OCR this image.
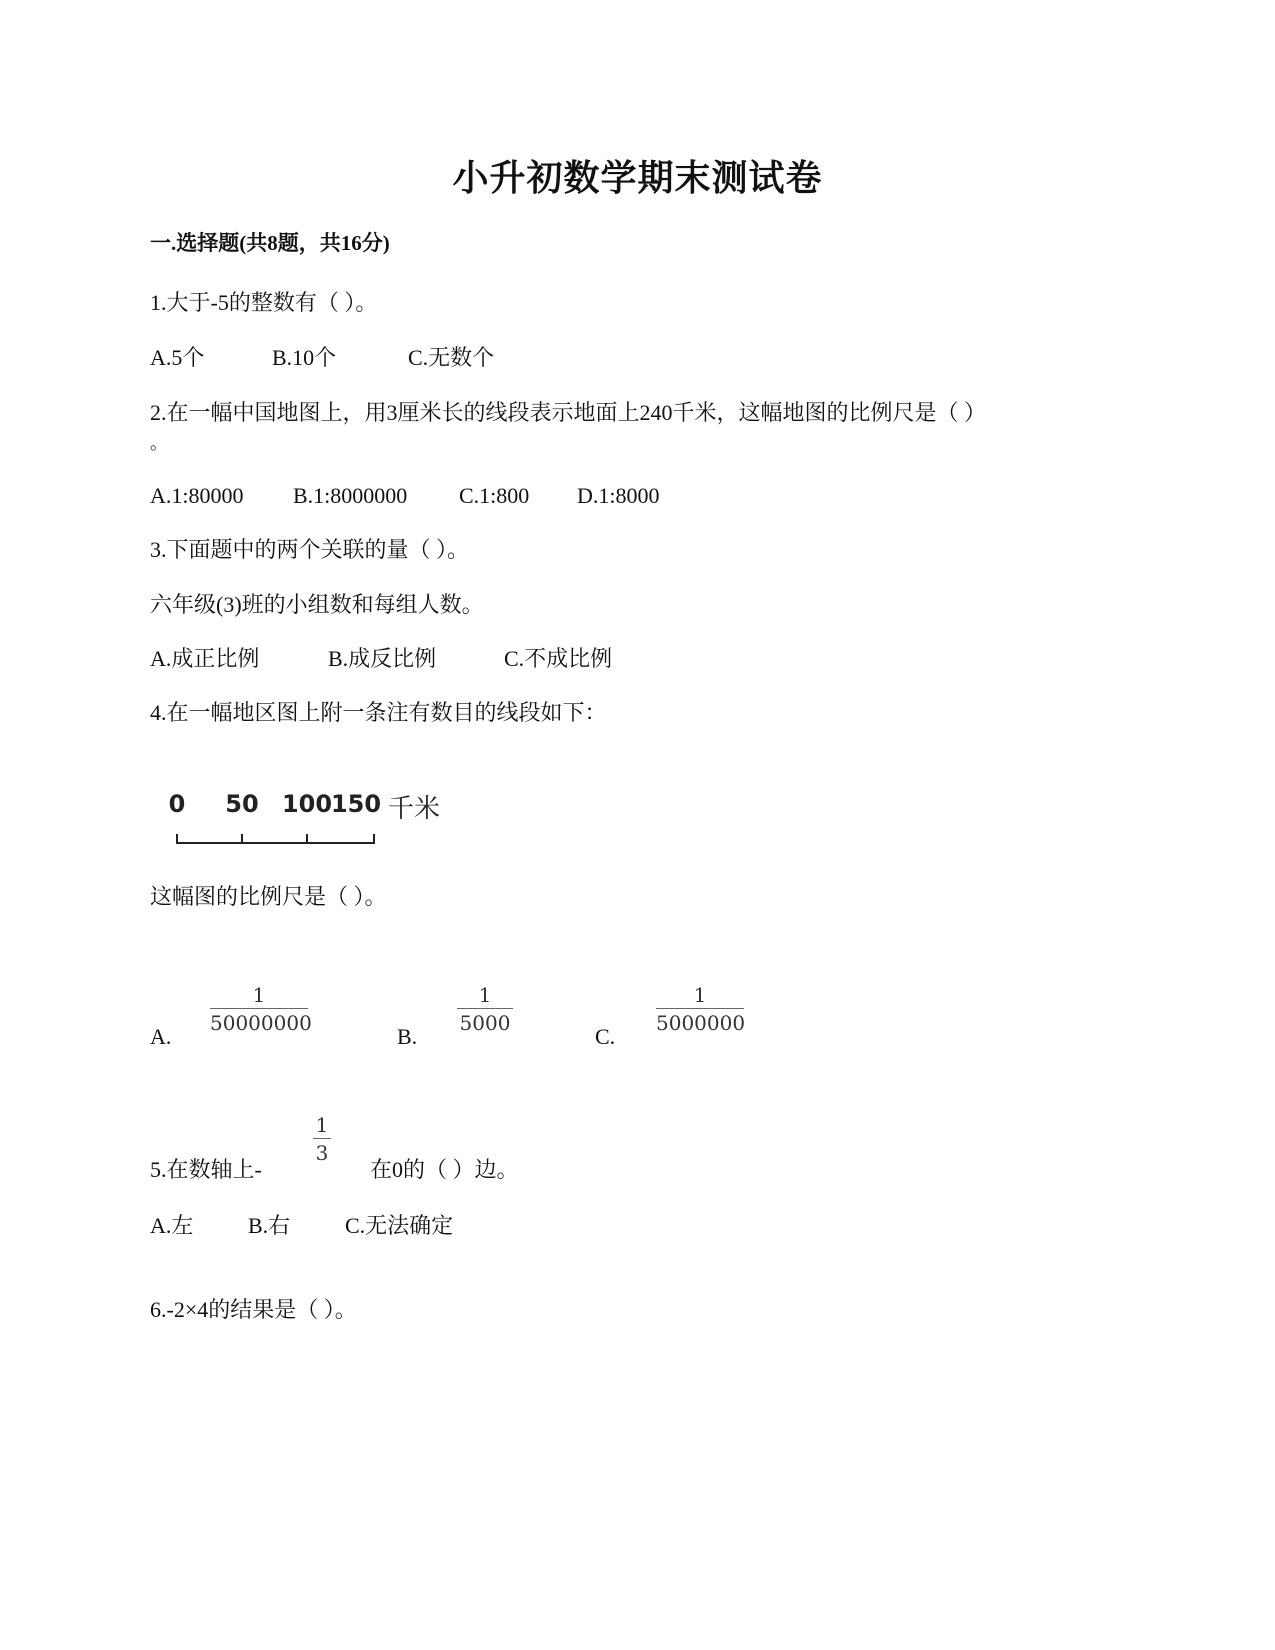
小升初数学期末测试卷
一.选择题(共8题，共16分)
1.大于-5的整数有（ ）。
A.5个	B.10个	C.无数个
2.在一幅中国地图上，用3厘米长的线段表示地面上240千米，这幅地图的比例尺是（ ）
。
A.1:80000 B.1:8000000 C.1:800 D.1:8000
3.下面题中的两个关联的量（ ）。
六年级(3)班的小组数和每组人数。
A.成正比例	B.成反比例	C.不成比例
4.在一幅地区图上附一条注有数目的线段如下：
0 50 100
150 千米
这幅图的比例尺是（ ）。
A.
1
50000000
B.
1
5000
C.
1
5000000
5.在数轴上-
1
3
在0的（ ）边。
A.左 B.右 C.无法确定
6.-2×4的结果是（ ）。
